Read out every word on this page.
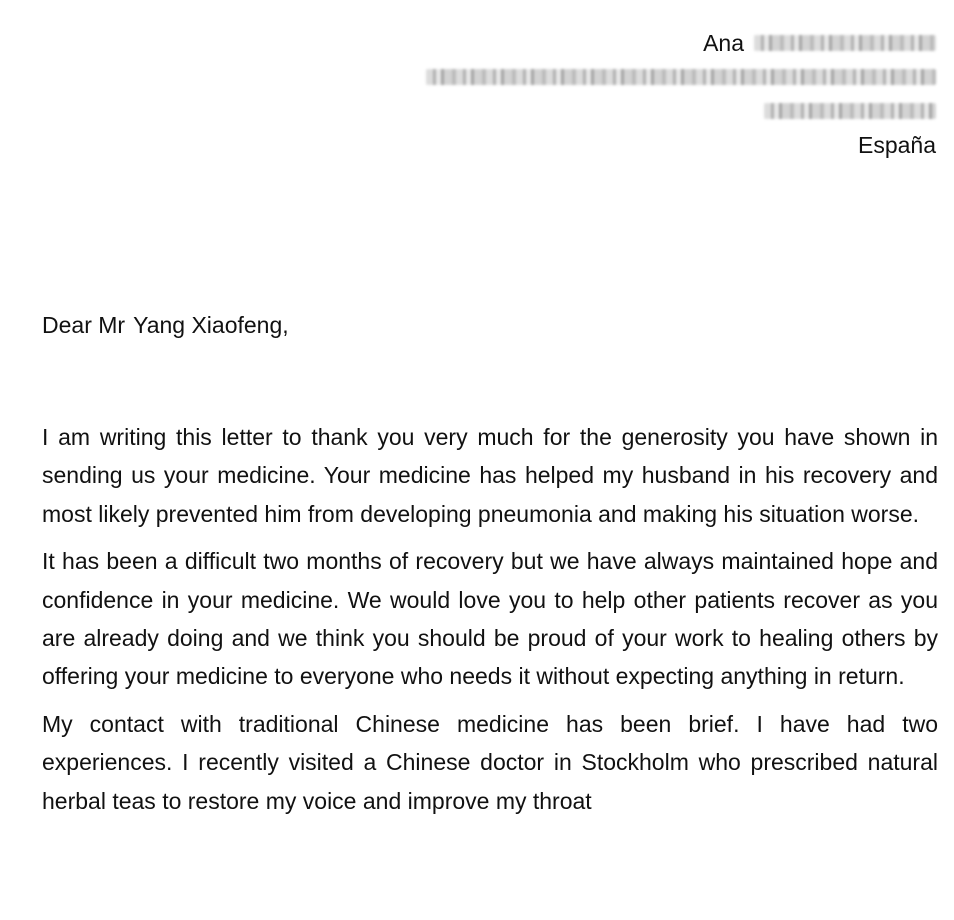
Ana
España
Dear Mr Yang Xiaofeng,

I am writing this letter to thank you very much for the generosity you have shown in sending us your medicine. Your medicine has helped my husband in his recovery and most likely prevented him from developing pneumonia and making his situation worse.

It has been a difficult two months of recovery but we have always maintained hope and confidence in your medicine. We would love you to help other patients recover as you are already doing and we think you should be proud of your work to healing others by offering your medicine to everyone who needs it without expecting anything in return.

My contact with traditional Chinese medicine has been brief. I have had two experiences. I recently visited a Chinese doctor in Stockholm who prescribed natural herbal teas to restore my voice and improve my throat
